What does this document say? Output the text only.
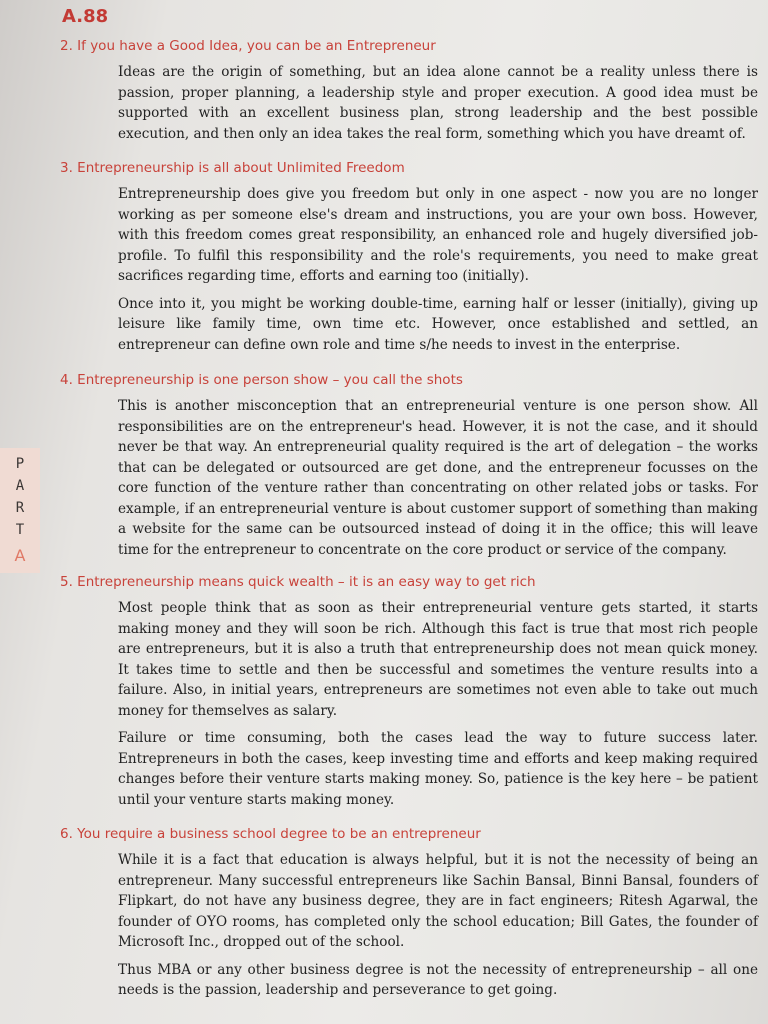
A.88
P
A
R
T
A
2. If you have a Good Idea, you can be an Entrepreneur

Ideas are the origin of something, but an idea alone cannot be a reality unless there is passion, proper planning, a leadership style and proper execution. A good idea must be supported with an excellent business plan, strong leadership and the best possible execution, and then only an idea takes the real form, something which you have dreamt of.

3. Entrepreneurship is all about Unlimited Freedom

Entrepreneurship does give you freedom but only in one aspect - now you are no longer working as per someone else's dream and instructions, you are your own boss. However, with this freedom comes great responsibility, an enhanced role and hugely diversified job-profile. To fulfil this responsibility and the role's requirements, you need to make great sacrifices regarding time, efforts and earning too (initially).

Once into it, you might be working double-time, earning half or lesser (initially), giving up leisure like family time, own time etc. However, once established and settled, an entrepreneur can define own role and time s/he needs to invest in the enterprise.

4. Entrepreneurship is one person show – you call the shots

This is another misconception that an entrepreneurial venture is one person show. All responsibilities are on the entrepreneur's head. However, it is not the case, and it should never be that way. An entrepreneurial quality required is the art of delegation – the works that can be delegated or outsourced are get done, and the entrepreneur focusses on the core function of the venture rather than concentrating on other related jobs or tasks. For example, if an entrepreneurial venture is about customer support of something than making a website for the same can be outsourced instead of doing it in the office; this will leave time for the entrepreneur to concentrate on the core product or service of the company.

5. Entrepreneurship means quick wealth – it is an easy way to get rich

Most people think that as soon as their entrepreneurial venture gets started, it starts making money and they will soon be rich. Although this fact is true that most rich people are entrepreneurs, but it is also a truth that entrepreneurship does not mean quick money. It takes time to settle and then be successful and sometimes the venture results into a failure. Also, in initial years, entrepreneurs are sometimes not even able to take out much money for themselves as salary.

Failure or time consuming, both the cases lead the way to future success later. Entrepreneurs in both the cases, keep investing time and efforts and keep making required changes before their venture starts making money. So, patience is the key here – be patient until your venture starts making money.

6. You require a business school degree to be an entrepreneur

While it is a fact that education is always helpful, but it is not the necessity of being an entrepreneur. Many successful entrepreneurs like Sachin Bansal, Binni Bansal, founders of Flipkart, do not have any business degree, they are in fact engineers; Ritesh Agarwal, the founder of OYO rooms, has completed only the school education; Bill Gates, the founder of Microsoft Inc., dropped out of the school.

Thus MBA or any other business degree is not the necessity of entrepreneurship – all one needs is the passion, leadership and perseverance to get going.
